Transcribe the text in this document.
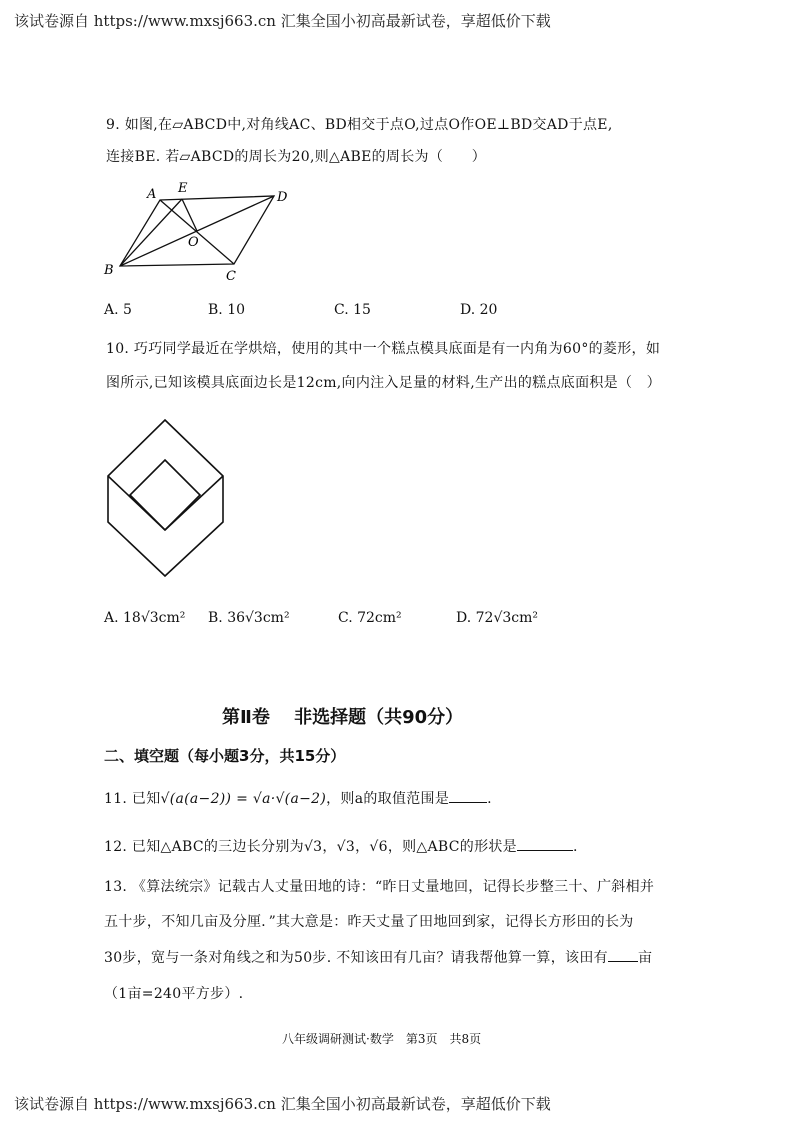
该试卷源自 https://www.mxsj663.cn 汇集全国小初高最新试卷，享超低价下载
9. 如图,在▱ABCD中,对角线AC、BD相交于点O,过点O作OE⊥BD交AD于点E,
连接BE. 若▱ABCD的周长为20,则△ABE的周长为（　　）
A E
D
O
B	C
A. 5	B. 10	C. 15	D. 20
10. 巧巧同学最近在学烘焙，使用的其中一个糕点模具底面是有一内角为60°的菱形，如
图所示,已知该模具底面边长是12cm,向内注入足量的材料,生产出的糕点底面积是（　）
A. 18√3cm² B. 36√3cm²	C. 72cm²	D. 72√3cm²
第Ⅱ卷　 非选择题（共90分）
二、填空题（每小题3分，共15分）
11. 已知√(a(a−2)) = √a·√(a−2)，则a的取值范围是	.
12. 已知△ABC的三边长分别为√3，√3，√6，则△ABC的形状是	.
13. 《算法统宗》记载古人丈量田地的诗：“昨日丈量地回，记得长步整三十、广斜相并
五十步，不知几亩及分厘．”其大意是：昨天丈量了田地回到家，记得长方形田的长为
30步，宽与一条对角线之和为50步. 不知该田有几亩？请我帮他算一算，该田有 亩
（1亩=240平方步）.
八年级调研测试·数学　第3页　共8页
该试卷源自 https://www.mxsj663.cn 汇集全国小初高最新试卷，享超低价下载
